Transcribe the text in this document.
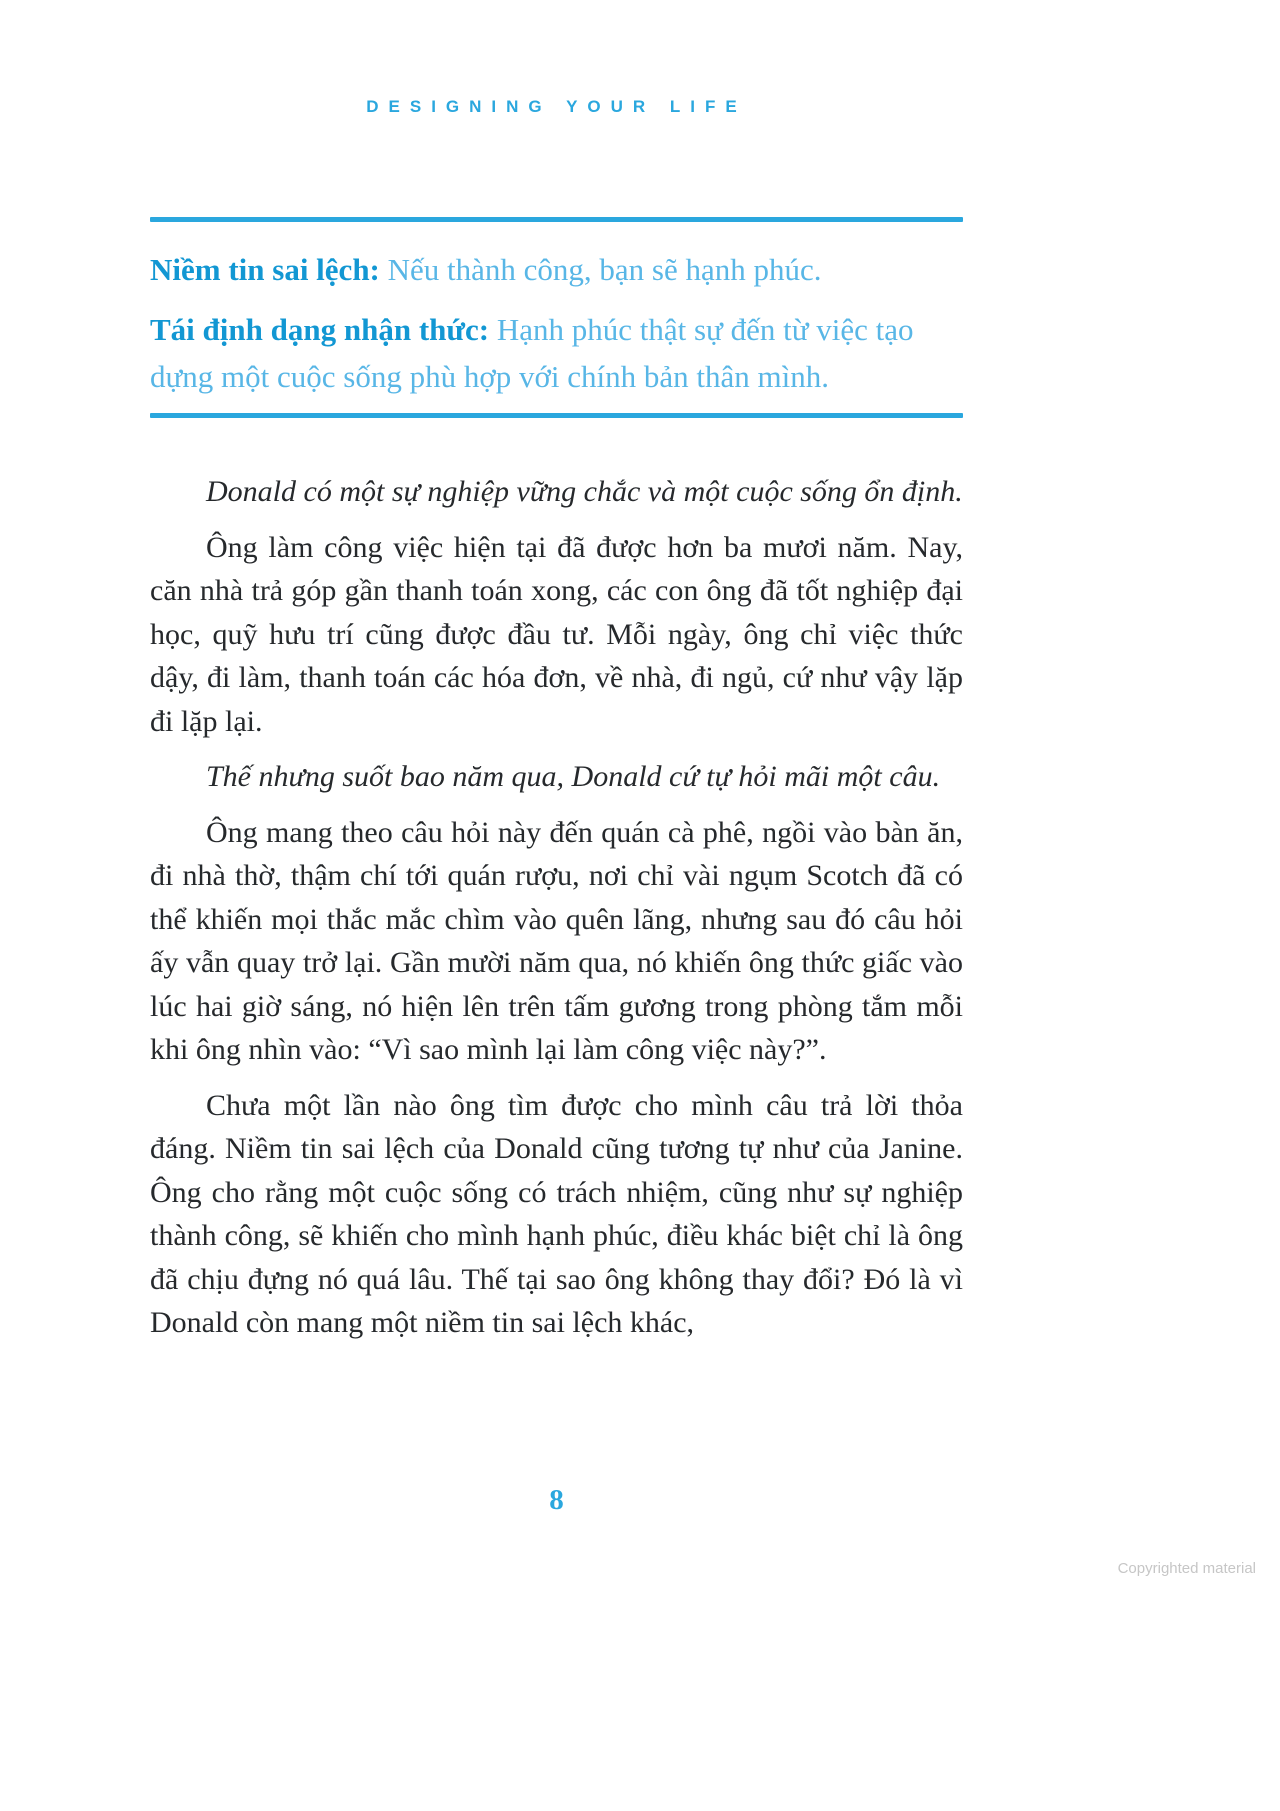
DESIGNING YOUR LIFE

Niềm tin sai lệch: Nếu thành công, bạn sẽ hạnh phúc.

Tái định dạng nhận thức: Hạnh phúc thật sự đến từ việc tạo dựng một cuộc sống phù hợp với chính bản thân mình.

Donald có một sự nghiệp vững chắc và một cuộc sống ổn định.

Ông làm công việc hiện tại đã được hơn ba mươi năm. Nay, căn nhà trả góp gần thanh toán xong, các con ông đã tốt nghiệp đại học, quỹ hưu trí cũng được đầu tư. Mỗi ngày, ông chỉ việc thức dậy, đi làm, thanh toán các hóa đơn, về nhà, đi ngủ, cứ như vậy lặp đi lặp lại.

Thế nhưng suốt bao năm qua, Donald cứ tự hỏi mãi một câu.

Ông mang theo câu hỏi này đến quán cà phê, ngồi vào bàn ăn, đi nhà thờ, thậm chí tới quán rượu, nơi chỉ vài ngụm Scotch đã có thể khiến mọi thắc mắc chìm vào quên lãng, nhưng sau đó câu hỏi ấy vẫn quay trở lại. Gần mười năm qua, nó khiến ông thức giấc vào lúc hai giờ sáng, nó hiện lên trên tấm gương trong phòng tắm mỗi khi ông nhìn vào: “Vì sao mình lại làm công việc này?”.

Chưa một lần nào ông tìm được cho mình câu trả lời thỏa đáng. Niềm tin sai lệch của Donald cũng tương tự như của Janine. Ông cho rằng một cuộc sống có trách nhiệm, cũng như sự nghiệp thành công, sẽ khiến cho mình hạnh phúc, điều khác biệt chỉ là ông đã chịu đựng nó quá lâu. Thế tại sao ông không thay đổi? Đó là vì Donald còn mang một niềm tin sai lệch khác,

8
Copyrighted material
